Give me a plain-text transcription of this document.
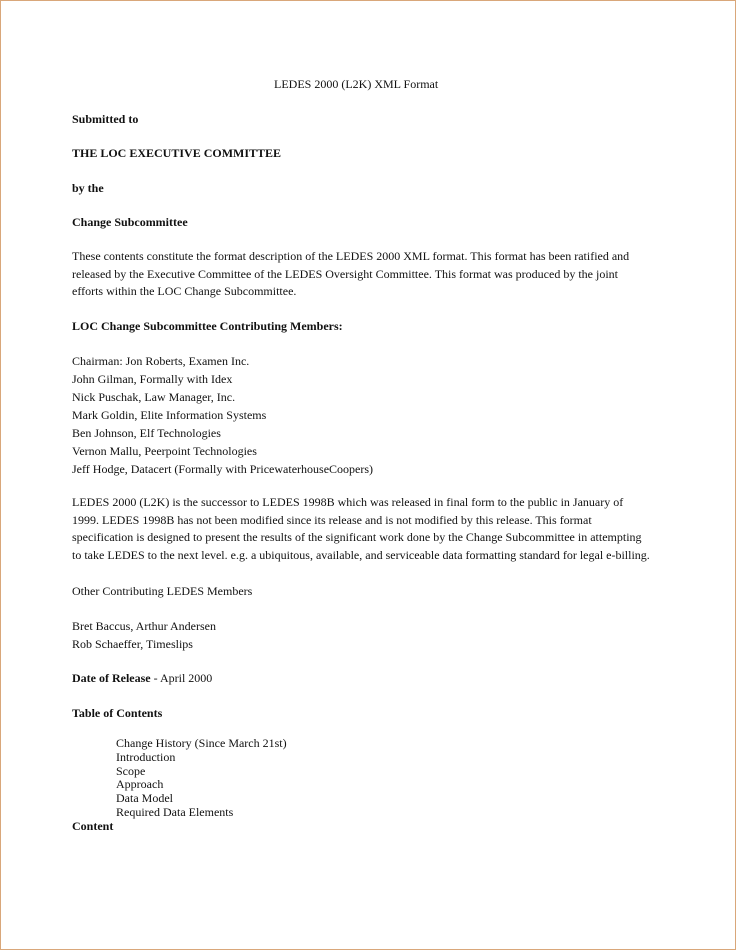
LEDES 2000 (L2K) XML Format
Submitted to
THE LOC EXECUTIVE COMMITTEE
by the
Change Subcommittee
These contents constitute the format description of the LEDES 2000 XML format. This format has been ratified and
released by the Executive Committee of the LEDES Oversight Committee. This format was produced by the joint
efforts within the LOC Change Subcommittee.
LOC Change Subcommittee Contributing Members:
Chairman: Jon Roberts, Examen Inc.
John Gilman, Formally with Idex
Nick Puschak, Law Manager, Inc.
Mark Goldin, Elite Information Systems
Ben Johnson, Elf Technologies
Vernon Mallu, Peerpoint Technologies
Jeff Hodge, Datacert (Formally with PricewaterhouseCoopers)
LEDES 2000 (L2K) is the successor to LEDES 1998B which was released in final form to the public in January of
1999. LEDES 1998B has not been modified since its release and is not modified by this release. This format
specification is designed to present the results of the significant work done by the Change Subcommittee in attempting
to take LEDES to the next level. e.g. a ubiquitous, available, and serviceable data formatting standard for legal e-billing.
Other Contributing LEDES Members
Bret Baccus, Arthur Andersen
Rob Schaeffer, Timeslips
Date of Release - April 2000
Table of Contents
Change History (Since March 21st)
Introduction
Scope
Approach
Data Model
Required Data Elements
Content
